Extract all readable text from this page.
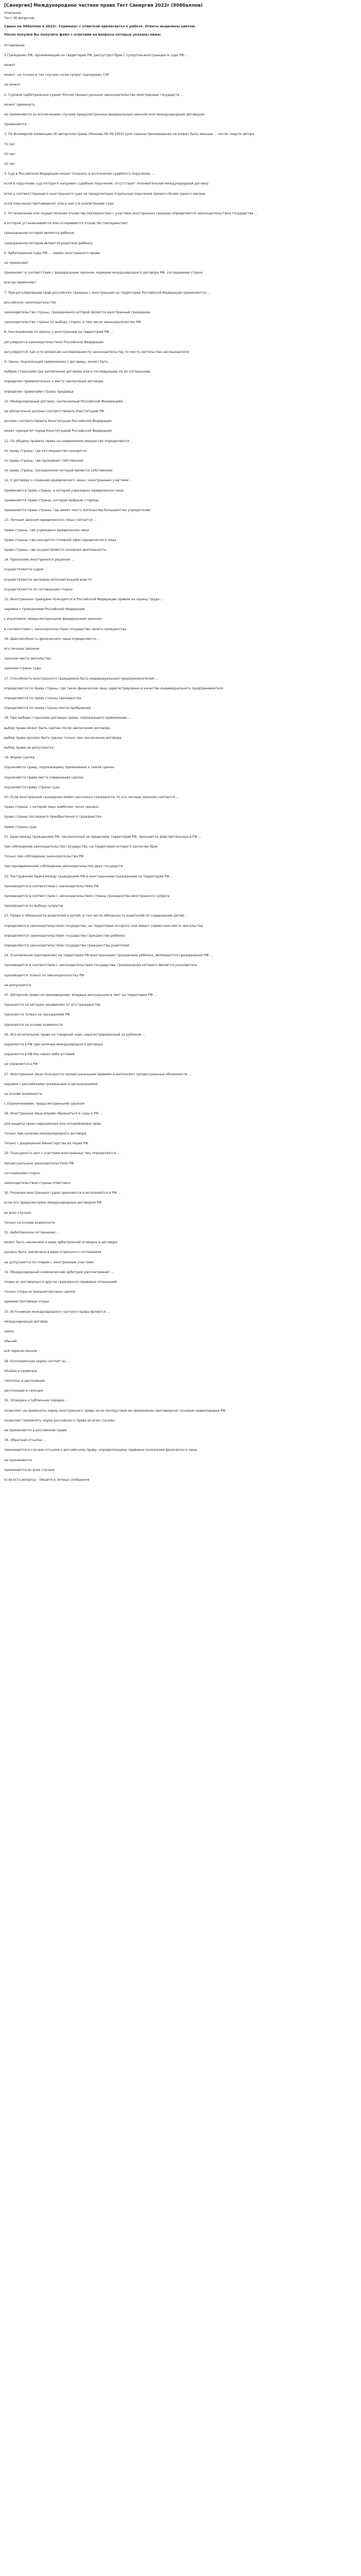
[Синергия] Международное частное право Тест Синергия 2022г (906баллов)
Описание
Тест 36 вопросов

Сдано на 90баллов в 2022г. Скриншот с отметкой прилагается к работе. Ответы выделены цветом.

После покупки Вы получите файл с ответами на вопросы которые указаны ниже:

Оглавление

1.Гражданин РФ, проживающий на территории РФ, распуструл брак с супругом-иностранцем в суде РФ ...

может

может, но только в тех случаях, коли супруг-гражданин СНГ

не может

2. Суровое (арбитражным судом) Россия процессуальное законодательство иностранных государств ...

может применять

не применяется за исключением случаев предусмотренных федеральным законом или международным договором

применяется

3. По Всемирной конвенции об авторском праве (Женева 06.09.1952) срок охраны произведения не может быть меньше ... после смерти автора

70 лет

50 лет

25 лет

4. Суд в Российской Федерации может отказать в исполнении судебного поручения, ...

если в поручении, суд которого направил судебное поручение, отсутствует положительная международный договор

если у соответствующего иностранного суда не предусмотрен отдельный поручения прямого-более одного месяца

если поручение противоречит или в чем-л в компетенцию суда

5. Установление или осуществление отцовства (материнства) с участием иностранных граждан определяется законодательством государства ...

в которой устанавливается или оспаривается отцовство (материнство)

гражданином которой является ребенок

гражданином которой являются родители ребенка

6. Арбитражные суды РФ ... нормы иностранного права

не применяют

применяют в соответствии с федеральным законом, нормами международного договора РФ, соглашением сторон

всегда применяют

7. При регулировании прав российских граждан с иностранцем на территории Российской Федерации применяются ...

российское законодательство

законодательство страны, гражданином которой является иностранный гражданин

законодательство страны по выбору сторон, в том числе законодательство РФ

8. Наследование по закону у иностранцев на территории РФ ...

регулируется законодательством Российской Федерации

регулируется, как и по вопросам наследования по законодательству по месту жительства наследодателя

9. Закон, подлежащий применению к договору, может быть ...

выбран сторонами при заключении договора или в последующем по их соглашению

определен применительно к месту заключения договора

определен правилами страны продавца

10. Международный договор, заключенный Российской Федерацией ...

не обязательно должен соответствовать Конституции РФ

должен соответствовать Конституции Российской Федерации

имеет приоритет перед Конституцией Российской Федерации

11. По общему правилу права на недвижимое имущество определяются ...

по праву страны, где это имущество находится

по праву страны, где проживает собственник

по праву страны, гражданином которой является собственник

12. К договору о создании юридического лица с иностранным участием ...

применяется право страны, в которой учреждено юридическое лицо

применяется право страны, которую выбрали стороны

применяется право страны, где имеет место жительства большинство учредителей

13. Личным законом юридического лица считается ...

право страны, где учреждено юридическое лицо

право страны, где находится головной офис юридического лица

право страны, где осуществляется основная деятельность

14. Признание иностранного решения ...

осуществляется судом

осуществляется органами исполнительной власти

осуществляется по соглашению сторон

15. Иностранные граждане пользуются в Российской Федерации правом на охрану труда ...

наравне с гражданами Российской Федерации

с изъятиями, предусмотренными федеральным законом

в соответствии с законодательством государства своего гражданства

16. Дееспособность физического лица определяется ...

его личным законом

законом места жительства

законом страны суда

17. Способность иностранного гражданина быть индивидуальным предпринимателем ...

определяется по праву страны, где такое физическое лицо зарегистрировано в качестве индивидуального предпринимателя

определяется по праву страны гражданства

определяется по праву страны места пребывания

18. При выборе сторонами договора права, подлежащего применению ...

выбор права может быть сделан после заключения договора

выбор права должен быть сделан только при заключении договора

выбор права не допускается

19. Форма сделки ...

подчиняется праву, подлежащему применению к самой сделке

подчиняется праву места совершения сделки

подчиняется праву страны суда

20. Если иностранный гражданин имеет несколько гражданств, то его личным законом считается ...

право страны, с которой лицо наиболее тесно связано

право страны последнего приобретенного гражданства

право страны суда

21. Брак между гражданами РФ, заключенный за пределами территории РФ, признается действительным в РФ ...

при соблюдении законодательства государства, на территории которого заключен брак

только при соблюдении законодательства РФ

при одновременном соблюдении законодательства двух государств

22. Расторжение брака между гражданами РФ и иностранными гражданами на территории РФ ...

производится в соответствии с законодательством РФ

производится в соответствии с законодательством страны гражданства иностранного супруга

производится по выбору супругов

23. Права и обязанности родителей и детей, в том числе обязанность родителей по содержанию детей ...

определяются законодательством государства, на территории которого они имеют совместное место жительства

определяются законодательством государства гражданства ребенка

определяются законодательством государства гражданства родителей

24. Усыновление (удочерение) на территории РФ иностранными гражданами ребенка, являющегося гражданином РФ ...

производится в соответствии с законодательством государства, гражданином которого является усыновитель

производится только по законодательству РФ

не допускается

25. Авторское право на произведение, впервые выпущенное в свет на территории РФ ...

признается за автором независимо от его гражданства

признается только за гражданами РФ

признается на основе взаимности

26. Исключительное право на товарный знак, зарегистрированный за рубежом ...

охраняется в РФ при наличии международного договора

охраняется в РФ без каких-либо условий

не охраняется в РФ

27. Иностранные лица пользуются процессуальными правами и выполняют процессуальные обязанности ...

наравне с российскими гражданами и организациями

на основе взаимности

с ограничениями, предусмотренными законом

28. Иностранные лица вправе обращаться в суды в РФ ...

для защиты своих нарушенных или оспариваемых прав

только при наличии международного договора

только с разрешения Министерства юстиции РФ

29. Подсудность дел с участием иностранных лиц определяется ...

процессуальным законодательством РФ

соглашением сторон

законодательством страны ответчика

30. Решения иностранных судов признаются и исполняются в РФ ...

если это предусмотрено международным договором РФ

во всех случаях

только на основе взаимности

31. Арбитражное соглашение ...

может быть заключено в виде арбитражной оговорки в договоре

должно быть заключено в виде отдельного соглашения

не допускается по спорам с иностранным участием

32. Международный коммерческий арбитраж рассматривает ...

споры из договорных и других гражданско-правовых отношений

только споры из внешнеторговых сделок

административные споры

33. Источником международного частного права является ...

международный договор

закон

обычай

всё перечисленное

34. Коллизионная норма состоит из ...

объёма и привязки

гипотезы и диспозиции

диспозиции и санкции

35. Оговорка о публичном порядке ...

позволяет не применять норму иностранного права, если последствия ее применения противоречат основам правопорядка РФ

позволяет применять норму российского права во всех случаях

не применяется в российском праве

36. Обратная отсылка ...

принимается в случаях отсылки к российскому праву, определяющему правовое положение физического лица

не принимается

принимается во всех случаях

Если есть вопросы - пишите в личные сообщения
